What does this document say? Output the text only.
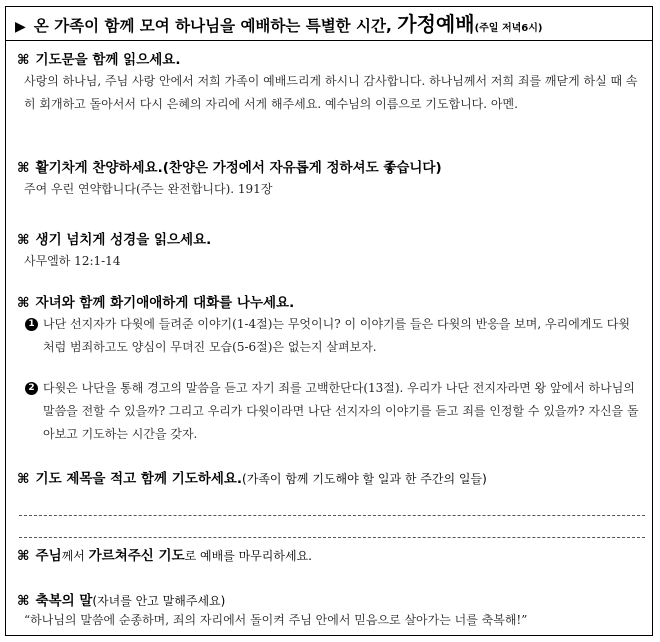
▶ 온 가족이 함께 모여 하나님을 예배하는 특별한 시간, 가정예배(주일 저녁6시)
⌘ 기도문을 함께 읽으세요.
사랑의 하나님, 주님 사랑 안에서 저희 가족이 예배드리게 하시니 감사합니다. 하나님께서 저희 죄를 깨닫게 하실 때 속히 회개하고 돌아서서 다시 은혜의 자리에 서게 해주세요. 예수님의 이름으로 기도합니다. 아멘.
⌘ 활기차게 찬양하세요.(찬양은 가정에서 자유롭게 정하셔도 좋습니다)
주여 우린 연약합니다(주는 완전합니다). 191장
⌘ 생기 넘치게 성경을 읽으세요.
사무엘하 12:1-14
⌘ 자녀와 함께 화기애애하게 대화를 나누세요.
1 나단 선지자가 다윗에 들려준 이야기(1-4절)는 무엇이니? 이 이야기를 들은 다윗의 반응을 보며, 우리에게도 다윗처럼 범죄하고도 양심이 무뎌진 모습(5-6절)은 없는지 살펴보자.
2 다윗은 나단을 통해 경고의 말씀을 듣고 자기 죄를 고백한단다(13절). 우리가 나단 전지자라면 왕 앞에서 하나님의 말씀을 전할 수 있을까? 그리고 우리가 다윗이라면 나단 선지자의 이야기를 듣고 죄를 인정할 수 있을까? 자신을 돌아보고 기도하는 시간을 갖자.
⌘ 기도 제목을 적고 함께 기도하세요.(가족이 함께 기도해야 할 일과 한 주간의 일들)
⌘ 주님께서 가르쳐주신 기도로 예배를 마무리하세요.
⌘ 축복의 말(자녀를 안고 말해주세요)
“하나님의 말씀에 순종하며, 죄의 자리에서 돌이켜 주님 안에서 믿음으로 살아가는 너를 축복해!”
